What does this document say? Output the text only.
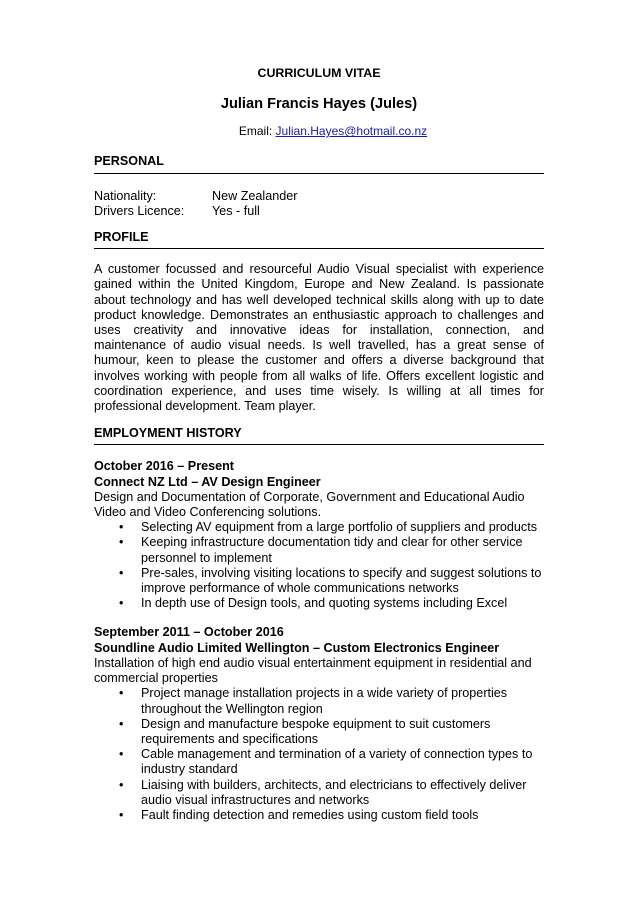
CURRICULUM VITAE
Julian Francis Hayes (Jules)
Email: Julian.Hayes@hotmail.co.nz
PERSONAL
Nationality:	New Zealander
Drivers Licence:	Yes - full
PROFILE
A customer focussed and resourceful Audio Visual specialist with experience gained within the United Kingdom, Europe and New Zealand. Is passionate about technology and has well developed technical skills along with up to date product knowledge. Demonstrates an enthusiastic approach to challenges and uses creativity and innovative ideas for installation, connection, and maintenance of audio visual needs. Is well travelled, has a great sense of humour, keen to please the customer and offers a diverse background that involves working with people from all walks of life. Offers excellent logistic and coordination experience, and uses time wisely. Is willing at all times for professional development. Team player.
EMPLOYMENT HISTORY
October 2016 – Present
Connect NZ Ltd – AV Design Engineer
Design and Documentation of Corporate, Government and Educational Audio Video and Video Conferencing solutions.
• Selecting AV equipment from a large portfolio of suppliers and products
• Keeping infrastructure documentation tidy and clear for other service personnel to implement
• Pre-sales, involving visiting locations to specify and suggest solutions to improve performance of whole communications networks
• In depth use of Design tools, and quoting systems including Excel
September 2011 – October 2016
Soundline Audio Limited Wellington – Custom Electronics Engineer
Installation of high end audio visual entertainment equipment in residential and commercial properties
• Project manage installation projects in a wide variety of properties throughout the Wellington region
• Design and manufacture bespoke equipment to suit customers requirements and specifications
• Cable management and termination of a variety of connection types to industry standard
• Liaising with builders, architects, and electricians to effectively deliver audio visual infrastructures and networks
• Fault finding detection and remedies using custom field tools
